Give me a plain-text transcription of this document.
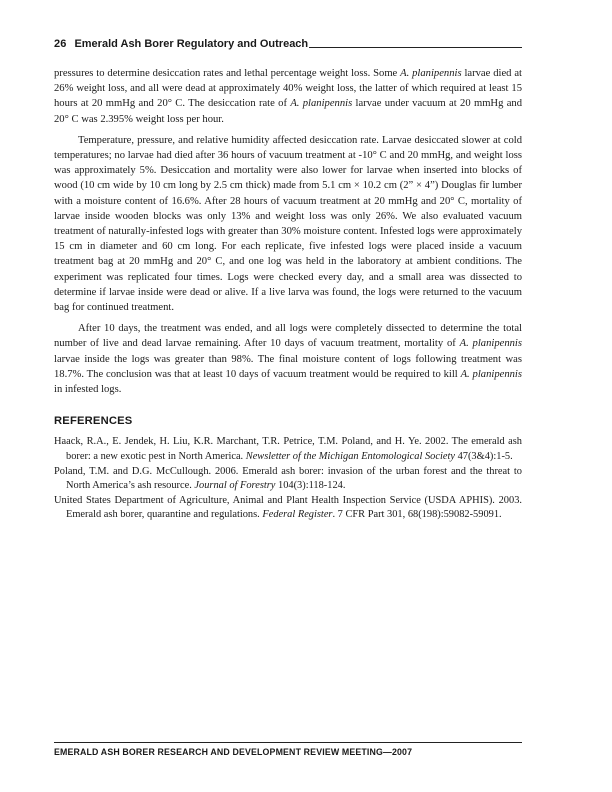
26 Emerald Ash Borer Regulatory and Outreach

pressures to determine desiccation rates and lethal percentage weight loss. Some A. planipennis larvae died at 26% weight loss, and all were dead at approximately 40% weight loss, the latter of which required at least 15 hours at 20 mmHg and 20° C. The desiccation rate of A. planipennis larvae under vacuum at 20 mmHg and 20° C was 2.395% weight loss per hour.

Temperature, pressure, and relative humidity affected desiccation rate. Larvae desiccated slower at cold temperatures; no larvae had died after 36 hours of vacuum treatment at -10° C and 20 mmHg, and weight loss was approximately 5%. Desiccation and mortality were also lower for larvae when inserted into blocks of wood (10 cm wide by 10 cm long by 2.5 cm thick) made from 5.1 cm × 10.2 cm (2” × 4”) Douglas fir lumber with a moisture content of 16.6%. After 28 hours of vacuum treatment at 20 mmHg and 20° C, mortality of larvae inside wooden blocks was only 13% and weight loss was only 26%. We also evaluated vacuum treatment of naturally-infested logs with greater than 30% moisture content. Infested logs were approximately 15 cm in diameter and 60 cm long. For each replicate, five infested logs were placed inside a vacuum treatment bag at 20 mmHg and 20° C, and one log was held in the laboratory at ambient conditions. The experiment was replicated four times. Logs were checked every day, and a small area was dissected to determine if larvae inside were dead or alive. If a live larva was found, the logs were returned to the vacuum bag for continued treatment.

After 10 days, the treatment was ended, and all logs were completely dissected to determine the total number of live and dead larvae remaining. After 10 days of vacuum treatment, mortality of A. planipennis larvae inside the logs was greater than 98%. The final moisture content of logs following treatment was 18.7%. The conclusion was that at least 10 days of vacuum treatment would be required to kill A. planipennis in infested logs.

REFERENCES

Haack, R.A., E. Jendek, H. Liu, K.R. Marchant, T.R. Petrice, T.M. Poland, and H. Ye. 2002. The emerald ash borer: a new exotic pest in North America. Newsletter of the Michigan Entomological Society 47(3&4):1-5.

Poland, T.M. and D.G. McCullough. 2006. Emerald ash borer: invasion of the urban forest and the threat to North America’s ash resource. Journal of Forestry 104(3):118-124.

United States Department of Agriculture, Animal and Plant Health Inspection Service (USDA APHIS). 2003. Emerald ash borer, quarantine and regulations. Federal Register. 7 CFR Part 301, 68(198):59082-59091.

EMERALD ASH BORER RESEARCH AND DEVELOPMENT REVIEW MEETING—2007
